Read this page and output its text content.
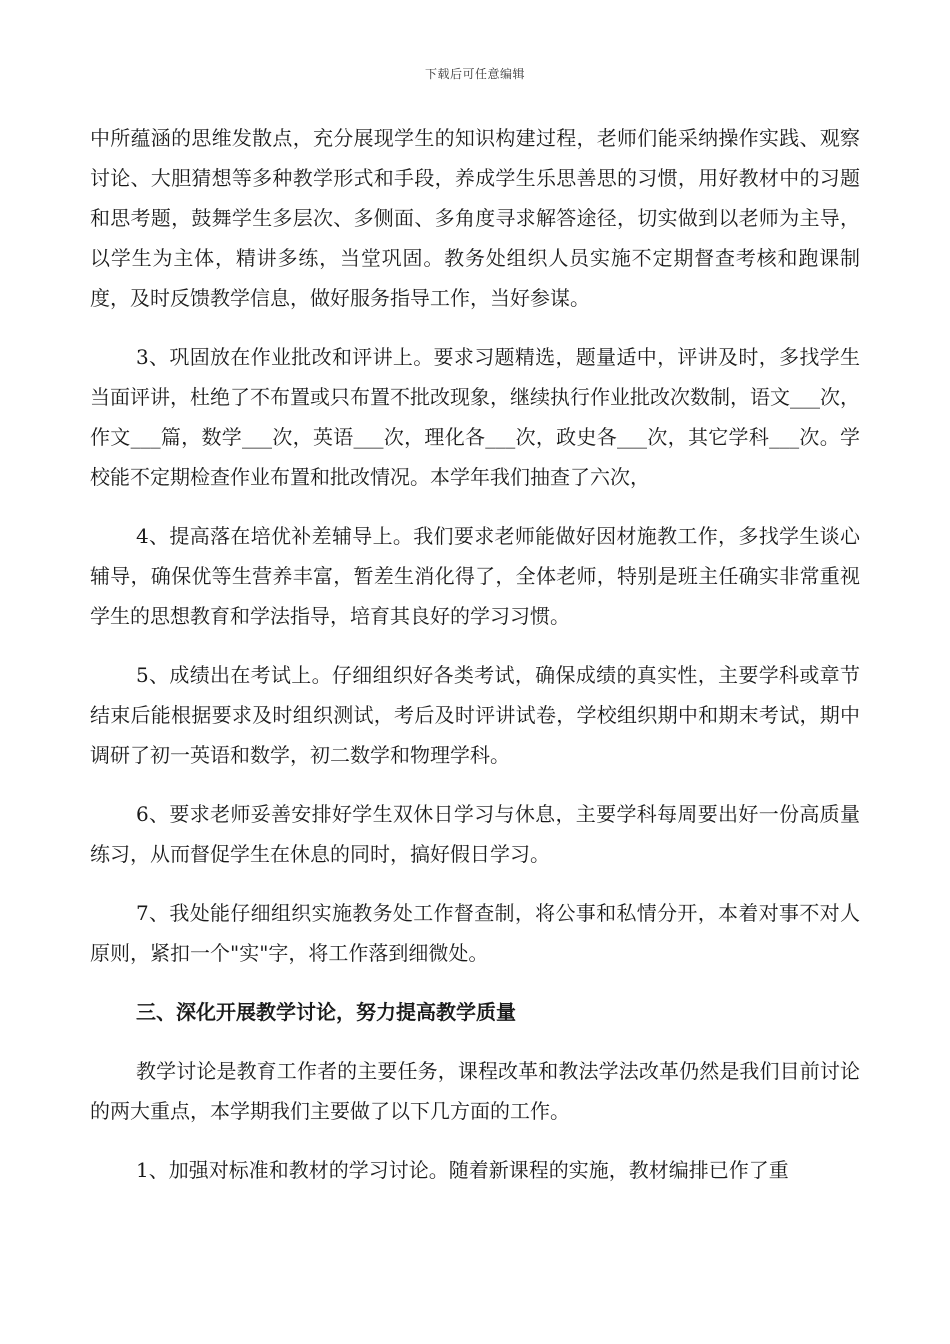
下载后可任意编辑

中所蕴涵的思维发散点，充分展现学生的知识构建过程，老师们能采纳操作实践、观察讨论、大胆猜想等多种教学形式和手段，养成学生乐思善思的习惯，用好教材中的习题和思考题，鼓舞学生多层次、多侧面、多角度寻求解答途径，切实做到以老师为主导，以学生为主体，精讲多练，当堂巩固。教务处组织人员实施不定期督查考核和跑课制度，及时反馈教学信息，做好服务指导工作，当好参谋。

3、巩固放在作业批改和评讲上。要求习题精选，题量适中，评讲及时，多找学生当面评讲，杜绝了不布置或只布置不批改现象，继续执行作业批改次数制，语文___次，作文___篇，数学___次，英语___次，理化各___次，政史各___次，其它学科___次。学校能不定期检查作业布置和批改情况。本学年我们抽查了六次，

4、提高落在培优补差辅导上。我们要求老师能做好因材施教工作，多找学生谈心辅导，确保优等生营养丰富，暂差生消化得了，全体老师，特别是班主任确实非常重视学生的思想教育和学法指导，培育其良好的学习习惯。

5、成绩出在考试上。仔细组织好各类考试，确保成绩的真实性，主要学科或章节结束后能根据要求及时组织测试，考后及时评讲试卷，学校组织期中和期末考试，期中调研了初一英语和数学，初二数学和物理学科。

6、要求老师妥善安排好学生双休日学习与休息，主要学科每周要出好一份高质量练习，从而督促学生在休息的同时，搞好假日学习。

7、我处能仔细组织实施教务处工作督查制，将公事和私情分开，本着对事不对人原则，紧扣一个"实"字，将工作落到细微处。

三、深化开展教学讨论，努力提高教学质量

教学讨论是教育工作者的主要任务，课程改革和教法学法改革仍然是我们目前讨论的两大重点，本学期我们主要做了以下几方面的工作。

1、加强对标准和教材的学习讨论。随着新课程的实施，教材编排已作了重
